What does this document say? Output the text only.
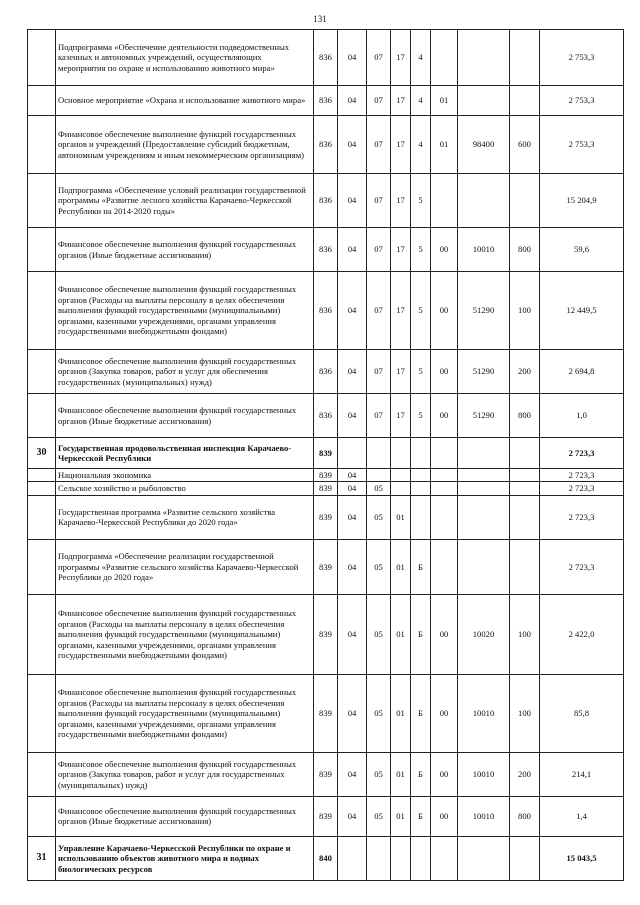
131
	Подпрограмма «Обеспечение деятельности подведомственных казенных и автономных учреждений, осуществляющих мероприятия по охране и использованию животного мира»	836	04	07	17	4				2 753,3
	Основное мероприятие «Охрана и использование животного мира»	836	04	07	17	4	01			2 753,3
	Финансовое обеспечение выполнение функций государственных органов и учреждений (Предоставление субсидий бюджетным, автономным учреждениям и иным некоммерческим организациям)	836	04	07	17	4	01	98400	600	2 753,3
	Подпрограмма «Обеспечение условий реализации государственной программы «Развитие лесного хозяйства Карачаево-Черкесской Республики на 2014-2020 годы»	836	04	07	17	5				15 204,9
	Финансовое обеспечение выполнения функций государственных органов (Иные бюджетные ассигнования)	836	04	07	17	5	00	10010	800	59,6
	Финансовое обеспечение выполнения функций государственных органов (Расходы на выплаты персоналу в целях обеспечения выполнения функций государственными (муниципальными) органами, казенными учреждениями, органами управления государственными внебюджетными фондами)	836	04	07	17	5	00	51290	100	12 449,5
	Финансовое обеспечение выполнения функций государственных органов (Закупка товаров, работ и услуг для обеспечения государственных (муниципальных) нужд)	836	04	07	17	5	00	51290	200	2 694,8
	Финансовое обеспечение выполнения функций государственных органов (Иные бюджетные ассигнования)	836	04	07	17	5	00	51290	800	1,0
30	Государственная продовольственная инспекция Карачаево-Черкесской Республики	839								2 723,3
	Национальная экономика	839	04							2 723,3
	Сельское хозяйство и рыболовство	839	04	05						2 723,3
	Государственная программа «Развитие сельского хозяйства Карачаево-Черкесской Республики до 2020 года»	839	04	05	01					2 723,3
	Подпрограмма «Обеспечение реализации государственной программы «Развитие сельского хозяйства Карачаево-Черкесской Республики до 2020 года»	839	04	05	01	Б				2 723,3
	Финансовое обеспечение выполнения функций государственных органов (Расходы на выплаты персоналу в целях обеспечения выполнения функций государственными (муниципальными) органами, казенными учреждениями, органами управления государственными внебюджетными фондами)	839	04	05	01	Б	00	10020	100	2 422,0
	Финансовое обеспечение выполнения функций государственных органов (Расходы на выплаты персоналу в целях обеспечения выполнения функций государственными (муниципальными) органами, казенными учреждениями, органами управления государственными внебюджетными фондами)	839	04	05	01	Б	00	10010	100	85,8
	Финансовое обеспечение выполнения функций государственных органов (Закупка товаров, работ и услуг для государственных (муниципальных) нужд)	839	04	05	01	Б	00	10010	200	214,1
	Финансовое обеспечение выполнения функций государственных органов (Иные бюджетные ассигнования)	839	04	05	01	Б	00	10010	800	1,4
31	Управление Карачаево-Черкесской Республики по охране и использованию объектов животного мира и водных биологических ресурсов	840								15 043,5
